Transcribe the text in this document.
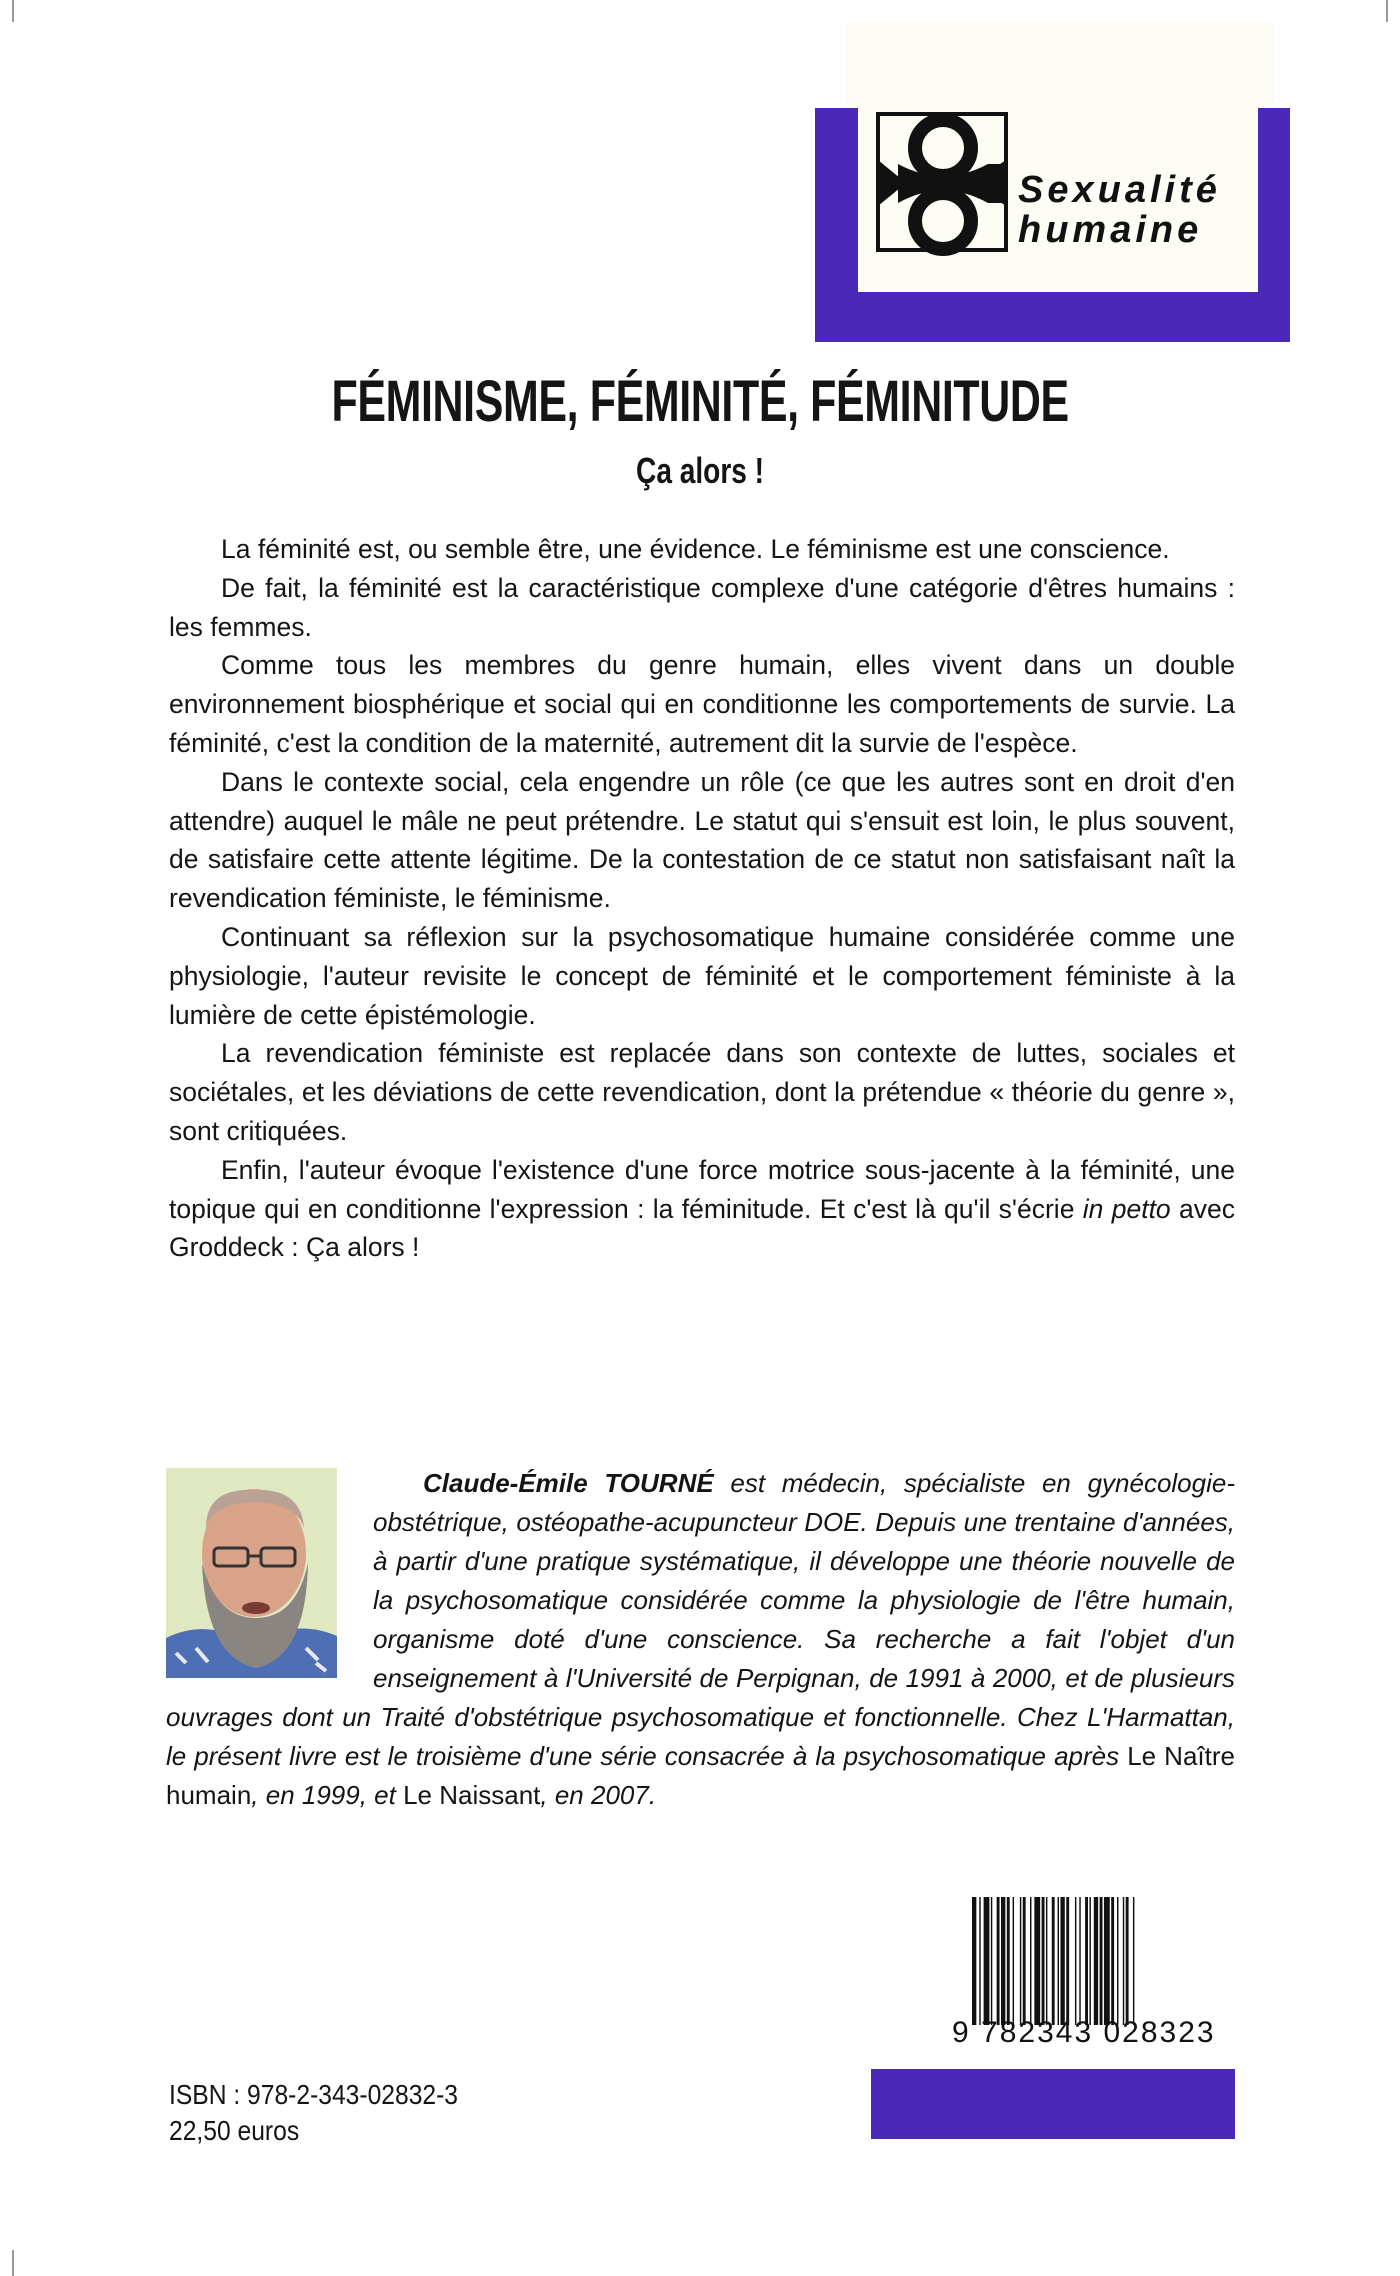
Sexualité
humaine
FÉMINISME, FÉMINITÉ, FÉMINITUDE
Ça alors !

La féminité est, ou semble être, une évidence. Le féminisme est une conscience.

De fait, la féminité est la caractéristique complexe d'une catégorie d'êtres humains : les femmes.

Comme tous les membres du genre humain, elles vivent dans un double environnement biosphérique et social qui en conditionne les comportements de survie. La féminité, c'est la condition de la maternité, autrement dit la survie de l'espèce.

Dans le contexte social, cela engendre un rôle (ce que les autres sont en droit d'en attendre) auquel le mâle ne peut prétendre. Le statut qui s'ensuit est loin, le plus souvent, de satisfaire cette attente légitime. De la contestation de ce statut non satisfaisant naît la revendication féministe, le féminisme.

Continuant sa réflexion sur la psychosomatique humaine considérée comme une physiologie, l'auteur revisite le concept de féminité et le comportement féministe à la lumière de cette épistémologie.

La revendication féministe est replacée dans son contexte de luttes, sociales et sociétales, et les déviations de cette revendication, dont la prétendue « théorie du genre », sont critiquées.

Enfin, l'auteur évoque l'existence d'une force motrice sous-jacente à la féminité, une topique qui en conditionne l'expression : la féminitude. Et c'est là qu'il s'écrie in petto avec Groddeck : Ça alors !

Claude-Émile TOURNÉ est médecin, spécialiste en gynécologie-obstétrique, ostéopathe-acupuncteur DOE. Depuis une trentaine d'années, à partir d'une pratique systématique, il développe une théorie nouvelle de la psychosomatique considérée comme la physiologie de l'être humain, organisme doté d'une conscience. Sa recherche a fait l'objet d'un enseignement à l'Université de Perpignan, de 1991 à 2000, et de plusieurs ouvrages dont un Traité d'obstétrique psychosomatique et fonctionnelle. Chez L'Harmattan, le présent livre est le troisième d'une série consacrée à la psychosomatique après Le Naître humain, en 1999, et Le Naissant, en 2007.
9 782343 028323
ISBN : 978-2-343-02832-3
22,50 euros
